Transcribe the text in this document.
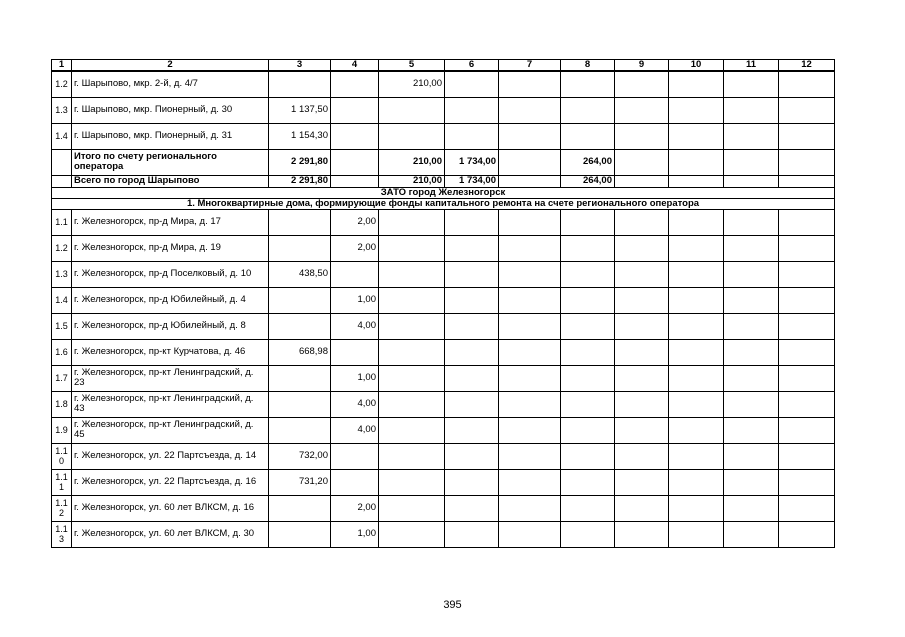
1	2	3	4	5	6	7	8	9	10	11	12
1.2	г. Шарыпово, мкр. 2-й, д. 4/7			210,00							
1.3	г. Шарыпово, мкр. Пионерный, д. 30	1 137,50									
1.4	г. Шарыпово, мкр. Пионерный, д. 31	1 154,30									
	Итого по счету регионального оператора	2 291,80		210,00	1 734,00		264,00				
	Всего по город Шарыпово	2 291,80		210,00	1 734,00		264,00				
ЗАТО город Железногорск											
1. Многоквартирные дома, формирующие фонды капитального ремонта на счете регионального оператора											
1.1	г. Железногорск, пр-д Мира, д. 17		2,00								
1.2	г. Железногорск, пр-д Мира, д. 19		2,00								
1.3	г. Железногорск, пр-д Поселковый, д. 10	438,50									
1.4	г. Железногорск, пр-д Юбилейный, д. 4		1,00								
1.5	г. Железногорск, пр-д Юбилейный, д. 8		4,00								
1.6	г. Железногорск, пр-кт Курчатова, д. 46	668,98									
1.7	г. Железногорск, пр-кт Ленинградский, д. 23		1,00								
1.8	г. Железногорск, пр-кт Ленинградский, д. 43		4,00								
1.9	г. Железногорск, пр-кт Ленинградский, д. 45		4,00								
1.1 0	г. Железногорск, ул. 22 Партсъезда, д. 14	732,00									
1.1 1	г. Железногорск, ул. 22 Партсъезда, д. 16	731,20									
1.1 2	г. Железногорск, ул. 60 лет ВЛКСМ, д. 16		2,00								
1.1 3	г. Железногорск, ул. 60 лет ВЛКСМ, д. 30		1,00								
395
